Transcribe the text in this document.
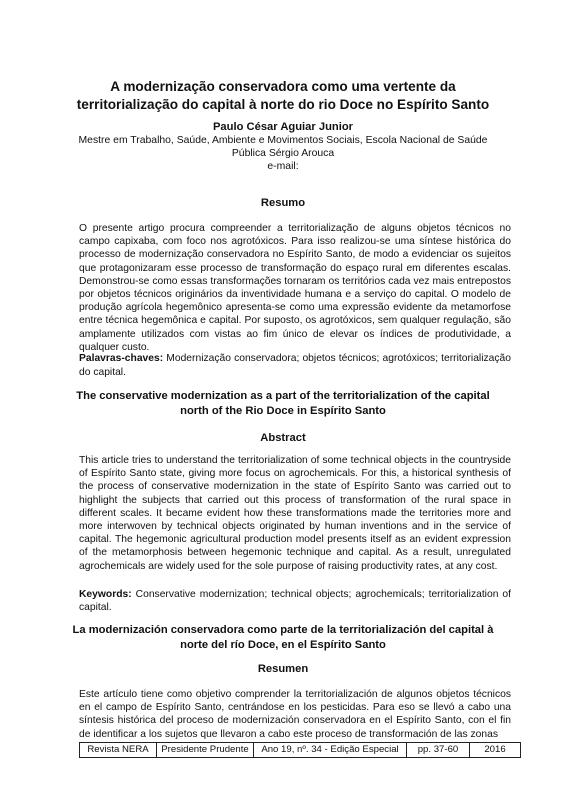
A modernização conservadora como uma vertente da territorialização do capital à norte do rio Doce no Espírito Santo
Paulo César Aguiar Junior
Mestre em Trabalho, Saúde, Ambiente e Movimentos Sociais, Escola Nacional de Saúde
Pública Sérgio Arouca
e-mail:
Resumo

O presente artigo procura compreender a territorialização de alguns objetos técnicos no campo capixaba, com foco nos agrotóxicos. Para isso realizou-se uma síntese histórica do processo de modernização conservadora no Espírito Santo, de modo a evidenciar os sujeitos que protagonizaram esse processo de transformação do espaço rural em diferentes escalas. Demonstrou-se como essas transformações tornaram os territórios cada vez mais entrepostos por objetos técnicos originários da inventividade humana e a serviço do capital. O modelo de produção agrícola hegemônico apresenta-se como uma expressão evidente da metamorfose entre técnica hegemônica e capital. Por suposto, os agrotóxicos, sem qualquer regulação, são amplamente utilizados com vistas ao fim único de elevar os índices de produtividade, a qualquer custo.

Palavras-chaves: Modernização conservadora; objetos técnicos; agrotóxicos; territorialização do capital.

The conservative modernization as a part of the territorialization of the capital north of the Rio Doce in Espírito Santo
Abstract

This article tries to understand the territorialization of some technical objects in the countryside of Espírito Santo state, giving more focus on agrochemicals. For this, a historical synthesis of the process of conservative modernization in the state of Espírito Santo was carried out to highlight the subjects that carried out this process of transformation of the rural space in different scales. It became evident how these transformations made the territories more and more interwoven by technical objects originated by human inventions and in the service of capital. The hegemonic agricultural production model presents itself as an evident expression of the metamorphosis between hegemonic technique and capital. As a result, unregulated agrochemicals are widely used for the sole purpose of raising productivity rates, at any cost.

Keywords: Conservative modernization; technical objects; agrochemicals; territorialization of capital.

La modernización conservadora como parte de la territorialización del capital à norte del río Doce, en el Espírito Santo
Resumen

Este artículo tiene como objetivo comprender la territorialización de algunos objetos técnicos en el campo de Espírito Santo, centrándose en los pesticidas. Para eso se llevó a cabo una síntesis histórica del proceso de modernización conservadora en el Espírito Santo, con el fin de identificar a los sujetos que llevaron a cabo este proceso de transformación de las zonas

Revista NERA	Presidente Prudente	Ano 19, nº. 34 - Edição Especial	pp. 37-60	2016
